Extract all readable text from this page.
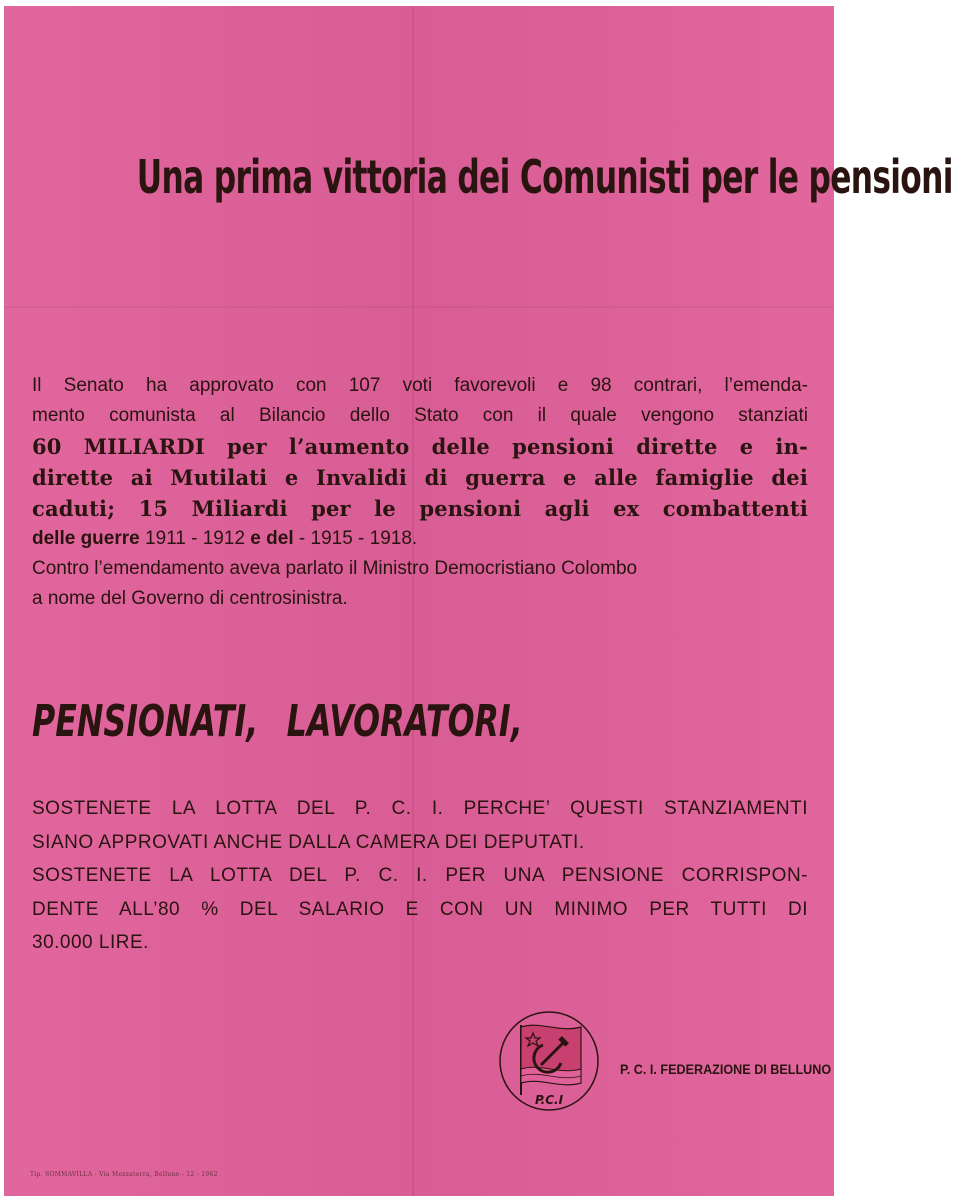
Una prima vittoria dei Comunisti per le pensioni
Il Senato ha approvato con 107 voti favorevoli e 98 contrari, l’emenda-
mento comunista al Bilancio dello Stato con il quale vengono stanziati
60 MILIARDI per l’aumento delle pensioni dirette e in-
dirette ai Mutilati e Invalidi di guerra e alle famiglie dei
caduti; 15 Miliardi per le pensioni agli ex combattenti
delle guerre 1911 - 1912 e del - 1915 - 1918.
Contro l’emendamento aveva parlato il Ministro Democristiano Colombo
a nome del Governo di centrosinistra.
PENSIONATI, LAVORATORI,
SOSTENETE LA LOTTA DEL P. C. I. PERCHE’ QUESTI STANZIAMENTI
SIANO APPROVATI ANCHE DALLA CAMERA DEI DEPUTATI.
SOSTENETE LA LOTTA DEL P. C. I. PER UNA PENSIONE CORRISPON-
DENTE ALL’80 % DEL SALARIO E CON UN MINIMO PER TUTTI DI
30.000 LIRE.
P.C.I
P. C. I. FEDERAZIONE DI BELLUNO
Tip. SOMMAVILLA - Via Mezzaterra, Belluno - 12 - 1962
